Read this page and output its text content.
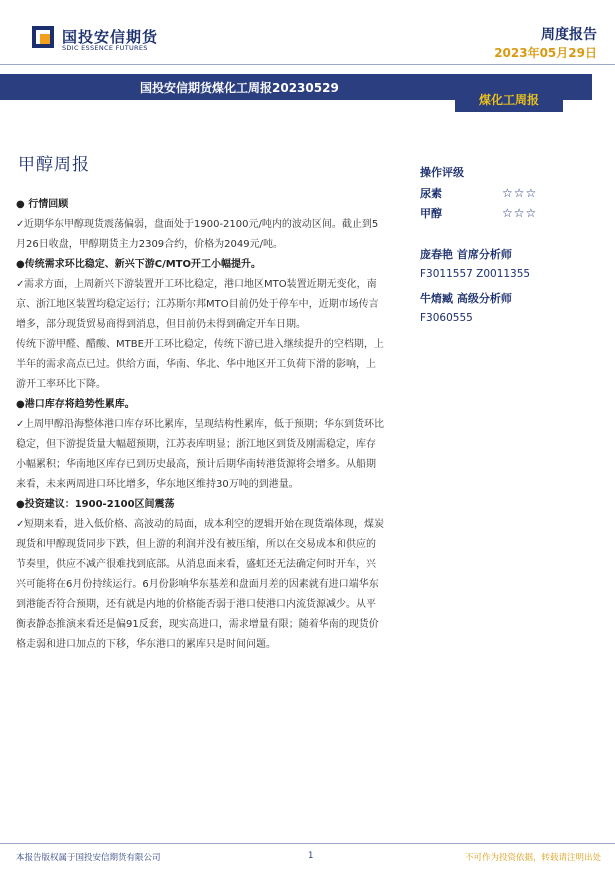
国投安信期货
SDIC ESSENCE FUTURES
周度报告
2023年05月29日
国投安信期货煤化工周报20230529
煤化工周报
甲醇周报
● 行情回顾

✓近期华东甲醇现货震荡偏弱，盘面处于1900-2100元/吨内的波动区间。截止到5月26日收盘，甲醇期货主力2309合约，价格为2049元/吨。

●传统需求环比稳定、新兴下游C/MTO开工小幅提升。

✓需求方面，上周新兴下游装置开工环比稳定，港口地区MTO装置近期无变化，南京、浙江地区装置均稳定运行；江苏斯尔邦MTO目前仍处于停车中，近期市场传言增多，部分现货贸易商得到消息，但目前仍未得到确定开车日期。

传统下游甲醛、醋酸、MTBE开工环比稳定，传统下游已进入继续提升的空档期，上半年的需求高点已过。供给方面，华南、华北、华中地区开工负荷下滑的影响，上游开工率环比下降。

●港口库存将趋势性累库。

✓上周甲醇沿海整体港口库存环比累库，呈现结构性累库，低于预期；华东到货环比稳定，但下游提货量大幅超预期，江苏表库明显；浙江地区到货及刚需稳定，库存小幅累积；华南地区库存已到历史最高，预计后期华南转港货源将会增多。从船期来看，未来两周进口环比增多，华东地区维持30万吨的到港量。

●投资建议：1900-2100区间震荡

✓短期来看，进入低价格、高波动的局面，成本利空的逻辑开始在现货端体现，煤炭现货和甲醇现货同步下跌，但上游的利润并没有被压缩，所以在交易成本和供应的节奏里，供应不减产很难找到底部。从消息面来看，盛虹还无法确定何时开车，兴兴可能将在6月份持续运行。6月份影响华东基差和盘面月差的因素就有进口端华东到港能否符合预期，还有就是内地的价格能否弱于港口使港口内流货源减少。从平衡表静态推演来看还是偏91反套，现实高进口，需求增量有限；随着华南的现货价格走弱和进口加点的下移，华东港口的累库只是时间问题。

操作评级
尿素	☆☆☆
甲醇	☆☆☆
庞春艳 首席分析师
F3011557 Z0011355
牛焴臧 高级分析师
F3060555
本报告版权属于国投安信期货有限公司	1	不可作为投资依据，转载请注明出处
